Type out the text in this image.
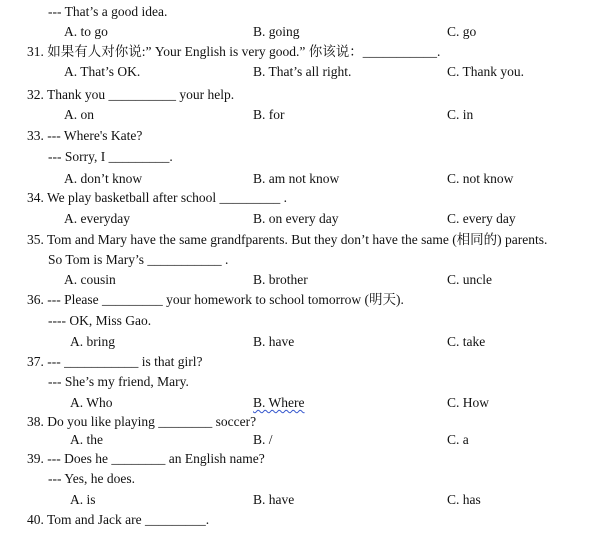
--- That’s a good idea.
A. to go	B. going	C. go
31. 如果有人对你说:” Your English is very good.” 你该说：___________.
A. That’s OK.	B. That’s all right.	C. Thank you.
32. Thank you __________ your help.
A. on	B. for	C. in
33. --- Where's Kate?
--- Sorry, I _________.
A. don’t know	B. am not know	C. not know
34. We play basketball after school _________ .
A. everyday	B. on every day	C. every day
35. Tom and Mary have the same grandfparents. But they don’t have the same (相同的) parents.
So Tom is Mary’s ___________ .
A. cousin	B. brother	C. uncle
36. --- Please _________ your homework to school tomorrow (明天).
---- OK, Miss Gao.
A. bring	B. have	C. take
37. --- ___________ is that girl?
--- She’s my friend, Mary.
A. Who	B. Where	C. How
38. Do you like playing ________ soccer?
A. the	B. /	C. a
39. --- Does he ________ an English name?
--- Yes, he does.
A. is	B. have	C. has
40. Tom and Jack are _________.
